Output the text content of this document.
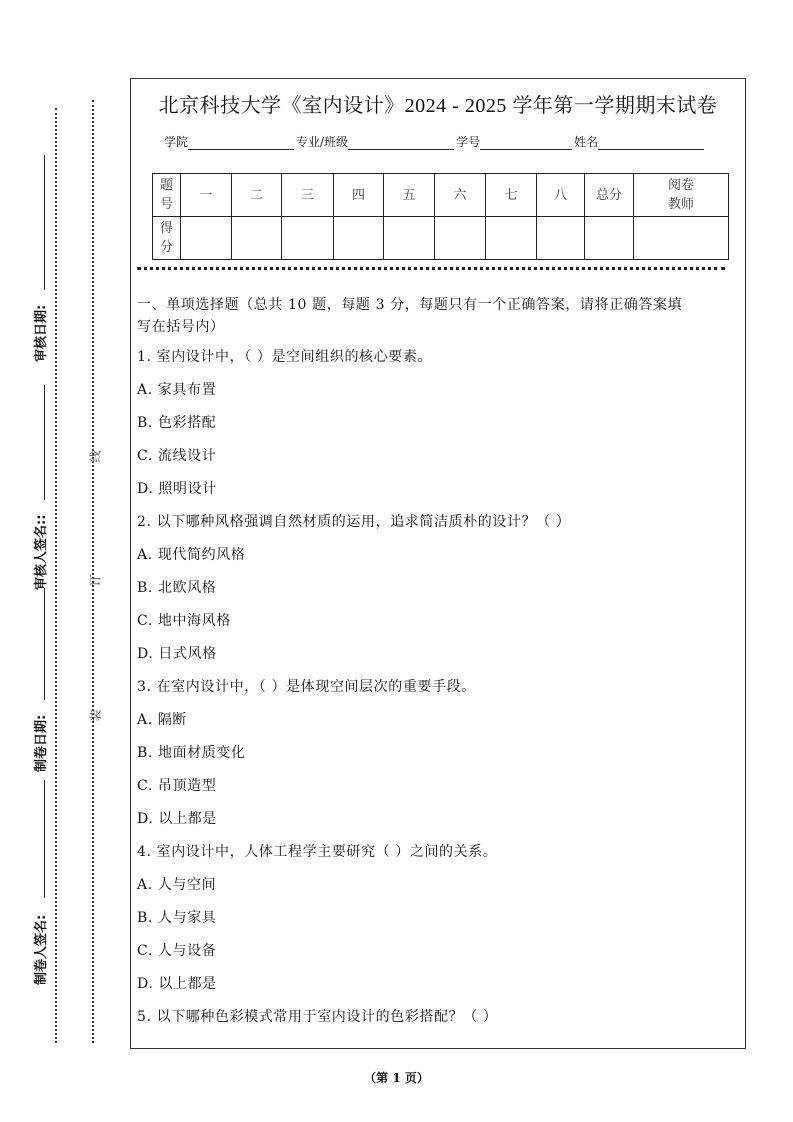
审核日期:
审核人签名::
制卷日期:
制卷人签名:
线
订
装
北京科技大学《室内设计》2024 - 2025 学年第一学期期末试卷
学院	专业/班级	学号	姓名
题号	一	二	三	四	五	六	七	八	总分	阅卷教师
得分										
一、单项选择题（总共 10 题，每题 3 分，每题只有一个正确答案，请将正确答案填
写在括号内）
1. 室内设计中，（ ）是空间组织的核心要素。
A. 家具布置
B. 色彩搭配
C. 流线设计
D. 照明设计
2. 以下哪种风格强调自然材质的运用，追求简洁质朴的设计？（ ）
A. 现代简约风格
B. 北欧风格
C. 地中海风格
D. 日式风格
3. 在室内设计中，（ ）是体现空间层次的重要手段。
A. 隔断
B. 地面材质变化
C. 吊顶造型
D. 以上都是
4. 室内设计中，人体工程学主要研究（ ）之间的关系。
A. 人与空间
B. 人与家具
C. 人与设备
D. 以上都是
5. 以下哪种色彩模式常用于室内设计的色彩搭配？（ ）
（第 1 页）
